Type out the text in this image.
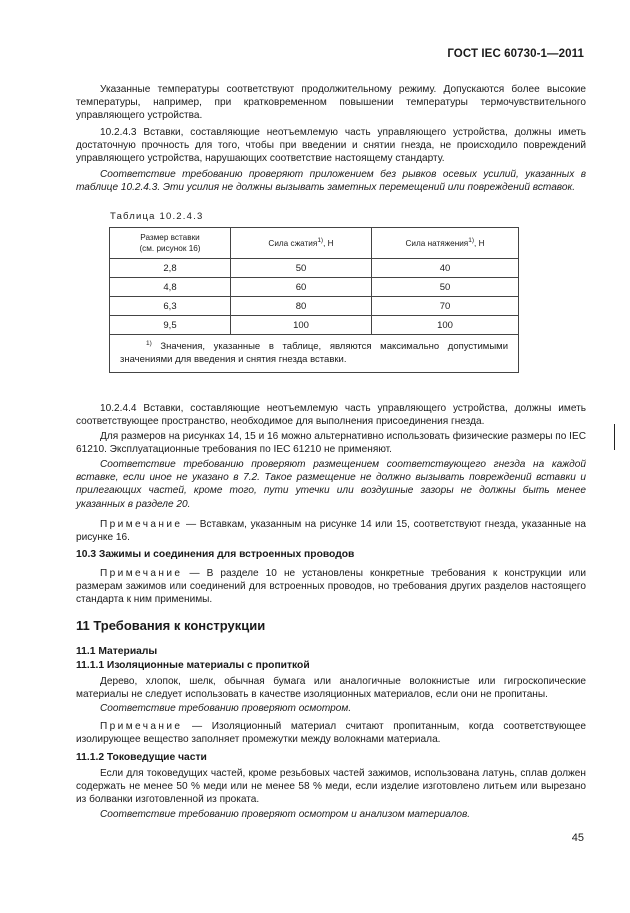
ГОСТ IEC 60730-1—2011
Указанные температуры соответствуют продолжительному режиму. Допускаются более высокие температуры, например, при кратковременном повышении температуры термочувствительного управляющего устройства.
10.2.4.3 Вставки, составляющие неотъемлемую часть управляющего устройства, должны иметь достаточную прочность для того, чтобы при введении и снятии гнезда, не происходило повреждений управляющего устройства, нарушающих соответствие настоящему стандарту.
Соответствие требованию проверяют приложением без рывков осевых усилий, указанных в таблице 10.2.4.3. Эти усилия не должны вызывать заметных перемещений или повреждений вставок.
Таблица 10.2.4.3
Размер вставки
(см. рисунок 16)	Сила сжатия$^{1)}$, Н	Сила натяжения$^{1)}$, Н
2,8	50	40
4,8	60	50
6,3	80	70
9,5	100	100
$^{1)}$ Значения, указанные в таблице, являются максимально допустимыми значениями для введения и снятия гнезда вставки.		
10.2.4.4 Вставки, составляющие неотъемлемую часть управляющего устройства, должны иметь соответствующее пространство, необходимое для выполнения присоединения гнезда.
Для размеров на рисунках 14, 15 и 16 можно альтернативно использовать физические размеры по IEC 61210. Эксплуатационные требования по IEC 61210 не применяют.
Соответствие требованию проверяют размещением соответствующего гнезда на каждой вставке, если иное не указано в 7.2. Такое размещение не должно вызывать повреждений вставки и прилегающих частей, кроме того, пути утечки или воздушные зазоры не должны быть менее указанных в разделе 20.
Примечание — Вставкам, указанным на рисунке 14 или 15, соответствуют гнезда, указанные на рисунке 16.
10.3 Зажимы и соединения для встроенных проводов
Примечание — В разделе 10 не установлены конкретные требования к конструкции или размерам зажимов или соединений для встроенных проводов, но требования других разделов настоящего стандарта к ним применимы.
11 Требования к конструкции
11.1 Материалы
11.1.1 Изоляционные материалы с пропиткой
Дерево, хлопок, шелк, обычная бумага или аналогичные волокнистые или гигроскопические материалы не следует использовать в качестве изоляционных материалов, если они не пропитаны.
Соответствие требованию проверяют осмотром.
Примечание — Изоляционный материал считают пропитанным, когда соответствующее изолирующее вещество заполняет промежутки между волокнами материала.
11.1.2 Токоведущие части
Если для токоведущих частей, кроме резьбовых частей зажимов, использована латунь, сплав должен содержать не менее 50 % меди или не менее 58 % меди, если изделие изготовлено литьем или вырезано из болванки изготовленной из проката.
Соответствие требованию проверяют осмотром и анализом материалов.
45
